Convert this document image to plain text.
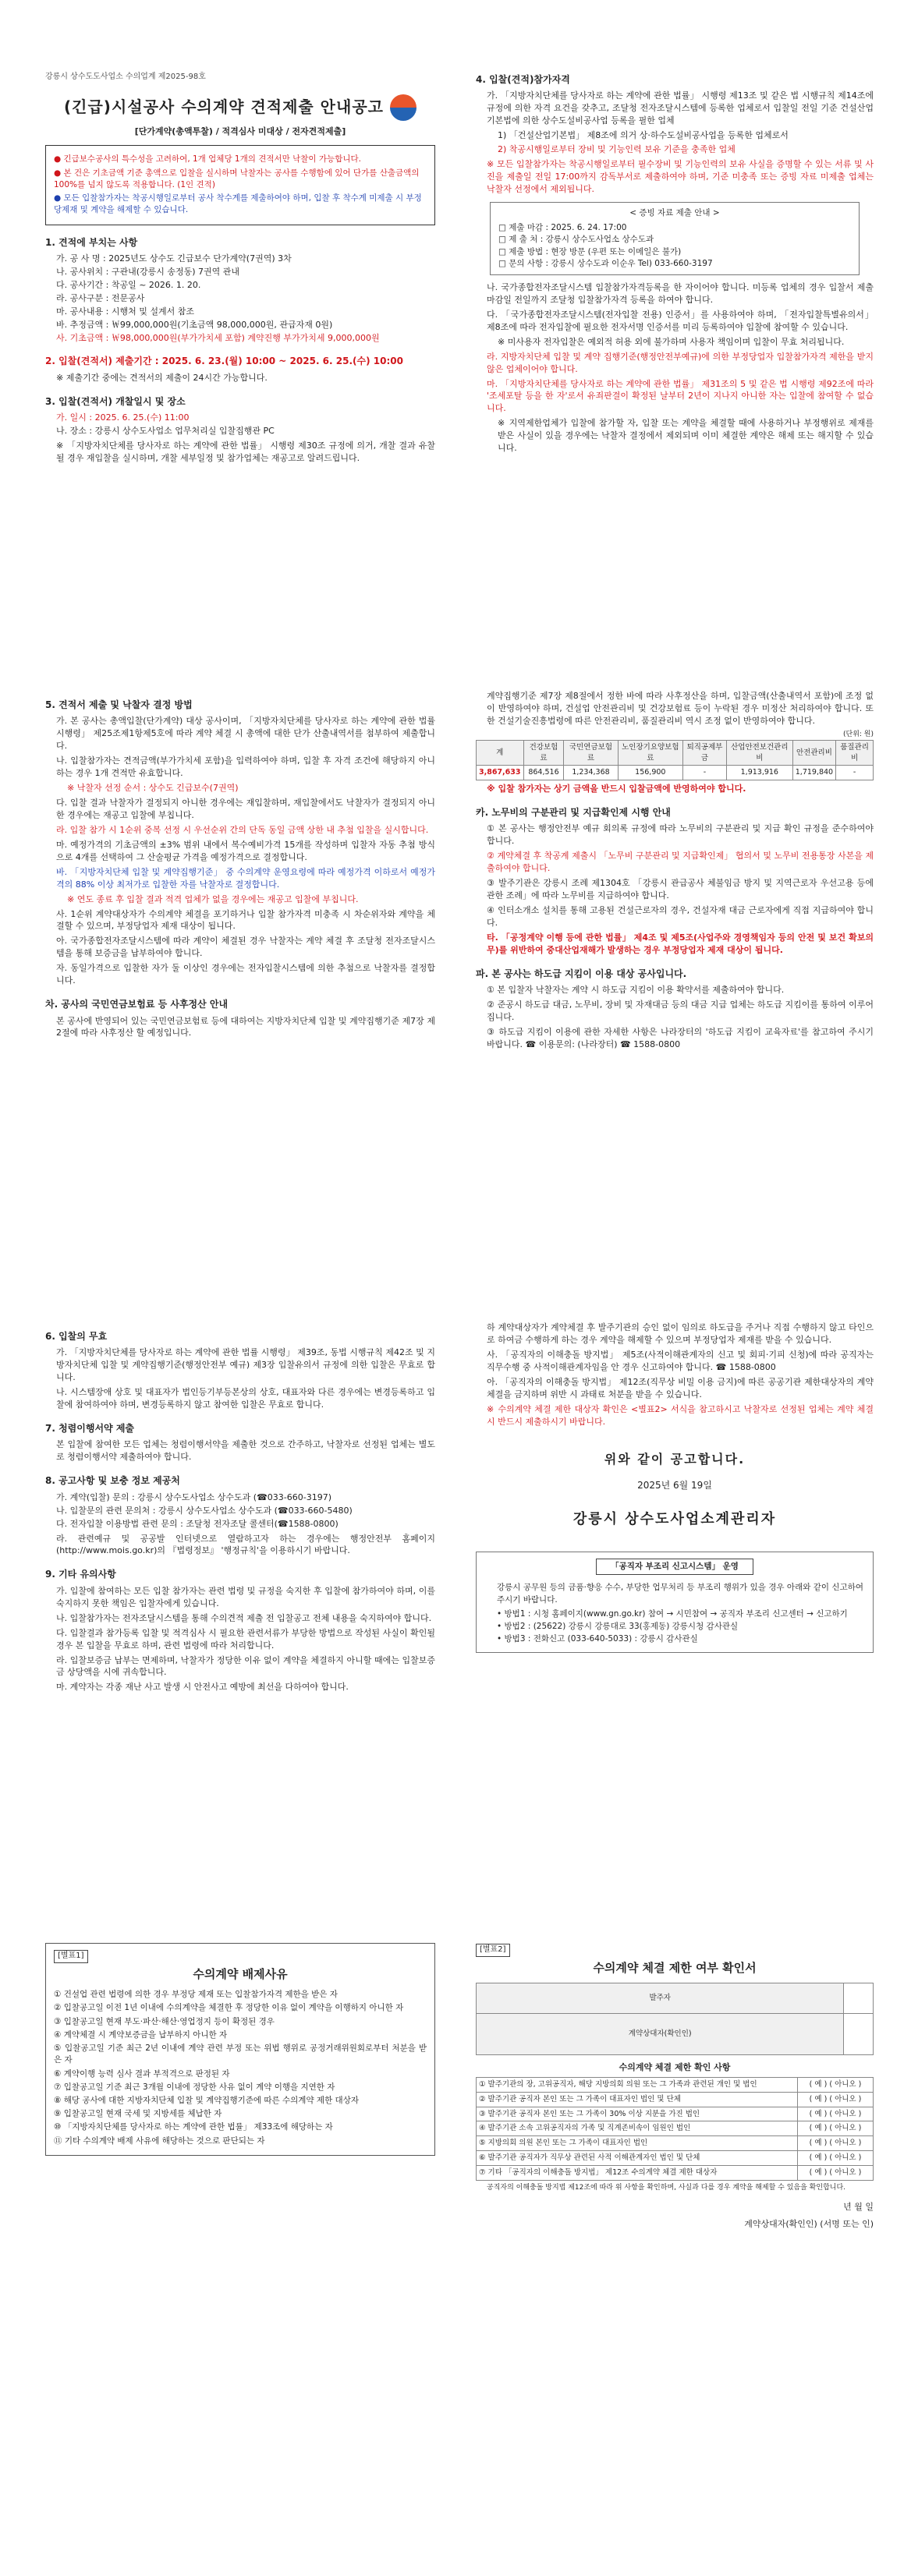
강릉시 상수도도사업소 수의업계 제2025-98호
(긴급)시설공사 수의계약 견적제출 안내공고
[단가계약(총액투찰) / 적격심사 미대상 / 전자견적제출]

● 긴급보수공사의 특수성을 고려하여, 1개 업체당 1개의 견적서만 낙찰이 가능합니다.

● 본 건은 기초금액 기준 총액으로 입찰을 실시하며 낙찰자는 공사를 수행함에 있어 단가를 산출금액의 100%를 넘지 않도록 적용합니다. (1인 견적)

● 모든 입찰참가자는 착공시행일로부터 공사 착수계를 제출하여야 하며, 입찰 후 착수계 미제출 시 부정당제재 및 계약을 해제할 수 있습니다.

1. 견적에 부치는 사항
가. 공 사 명 : 2025년도 상수도 긴급보수 단가계약(7권역) 3차
나. 공사위치 : 구관내(강릉시 송정동) 7권역 관내
다. 공사기간 : 착공일 ~ 2026. 1. 20.
라. 공사구분 : 전문공사
마. 공사내용 : 시행처 및 설계서 참조
바. 추정금액 : ￦99,000,000원(기초금액 98,000,000원, 관급자재 0원)
사. 기초금액 : ￦98,000,000원(부가가치세 포함) 계약진행 부가가치세 9,000,000원
2. 입찰(견적서) 제출기간 : 2025. 6. 23.(월) 10:00 ~ 2025. 6. 25.(수) 10:00
※ 제출기간 중에는 견적서의 제출이 24시간 가능합니다.
3. 입찰(견적서) 개찰일시 및 장소
가. 일시 : 2025. 6. 25.(수) 11:00
나. 장소 : 강릉시 상수도사업소 업무처리실 입찰집행관 PC
※ 「지방자치단체를 당사자로 하는 계약에 관한 법률」 시행령 제30조 규정에 의거, 개찰 결과 유찰될 경우 재입찰을 실시하며, 개찰 세부일정 및 참가업체는 재공고로 알려드립니다.
4. 입찰(견적)참가자격
가. 「지방자치단체를 당사자로 하는 계약에 관한 법률」 시행령 제13조 및 같은 법 시행규칙 제14조에 규정에 의한 자격 요건을 갖추고, 조달청 전자조달시스템에 등록한 업체로서 입찰일 전일 기준 건설산업기본법에 의한 상수도설비공사업 등록을 필한 업체
1) 「건설산업기본법」 제8조에 의거 상·하수도설비공사업을 등록한 업체로서
2) 착공시행일로부터 장비 및 기능인력 보유 기준을 충족한 업체
※ 모든 입찰참가자는 착공시행일로부터 필수장비 및 기능인력의 보유 사실을 증명할 수 있는 서류 및 사진을 제출일 전일 17:00까지 감독부서로 제출하여야 하며, 기준 미충족 또는 증빙 자료 미제출 업체는 낙찰자 선정에서 제외됩니다.
< 증빙 자료 제출 안내 >
□ 제출 마감 : 2025. 6. 24. 17:00
□ 제 출 처 : 강릉시 상수도사업소 상수도과
□ 제출 방법 : 현장 방문 (우편 또는 이메일은 불가)
□ 문의 사항 : 강릉시 상수도과 이순우 Tel) 033-660-3197
나. 국가종합전자조달시스템 입찰참가자격등록을 한 자이어야 합니다. 미등록 업체의 경우 입찰서 제출마감일 전일까지 조달청 입찰참가자격 등록을 하여야 합니다.
다. 「국가종합전자조달시스템(전자입찰 전용) 인증서」를 사용하여야 하며, 「전자입찰특별유의서」 제8조에 따라 전자입찰에 필요한 전자서명 인증서를 미리 등록하여야 입찰에 참여할 수 있습니다.
※ 미사용자 전자입찰은 예외적 허용 외에 불가하며 사용자 책임이며 입찰이 무효 처리됩니다.
라. 지방자치단체 입찰 및 계약 집행기준(행정안전부예규)에 의한 부정당업자 입찰참가자격 제한을 받지 않은 업체이어야 합니다.
마. 「지방자치단체를 당사자로 하는 계약에 관한 법률」 제31조의 5 및 같은 법 시행령 제92조에 따라 '조세포탈 등을 한 자'로서 유죄판결이 확정된 날부터 2년이 지나지 아니한 자는 입찰에 참여할 수 없습니다.
※ 지역제한업체가 입찰에 참가할 자, 입찰 또는 계약을 체결할 때에 사용하거나 부정행위로 제재를 받은 사실이 있을 경우에는 낙찰자 결정에서 제외되며 이미 체결한 계약은 해제 또는 해지할 수 있습니다.
5. 견적서 제출 및 낙찰자 결정 방법
가. 본 공사는 총액입찰(단가계약) 대상 공사이며, 「지방자치단체를 당사자로 하는 계약에 관한 법률 시행령」 제25조제1항제5호에 따라 계약 체결 시 총액에 대한 단가 산출내역서를 첨부하여 제출합니다.
나. 입찰참가자는 견적금액(부가가치세 포함)을 입력하여야 하며, 입찰 후 자격 조건에 해당하지 아니하는 경우 1개 견적만 유효합니다.
※ 낙찰자 선정 순서 : 상수도 긴급보수(7권역)
다. 입찰 결과 낙찰자가 결정되지 아니한 경우에는 재입찰하며, 재입찰에서도 낙찰자가 결정되지 아니한 경우에는 재공고 입찰에 부칩니다.
라. 입찰 참가 시 1순위 중복 선정 시 우선순위 간의 단독 동일 금액 상한 내 추첨 입찰을 실시합니다.
마. 예정가격의 기초금액의 ±3% 범위 내에서 복수예비가격 15개를 작성하며 입찰자 자동 추첨 방식으로 4개를 선택하여 그 산술평균 가격을 예정가격으로 결정합니다.
바. 「지방자치단체 입찰 및 계약집행기준」 중 수의계약 운영요령에 따라 예정가격 이하로서 예정가격의 88% 이상 최저가로 입찰한 자를 낙찰자로 결정합니다.
※ 연도 종료 후 입찰 결과 적격 업체가 없을 경우에는 재공고 입찰에 부칩니다.
사. 1순위 계약대상자가 수의계약 체결을 포기하거나 입찰 참가자격 미충족 시 차순위자와 계약을 체결할 수 있으며, 부정당업자 제재 대상이 됩니다.
아. 국가종합전자조달시스템에 따라 계약이 체결된 경우 낙찰자는 계약 체결 후 조달청 전자조달시스템을 통해 보증금을 납부하여야 합니다.
자. 동일가격으로 입찰한 자가 둘 이상인 경우에는 전자입찰시스템에 의한 추첨으로 낙찰자를 결정합니다.
차. 공사의 국민연금보험료 등 사후정산 안내
본 공사에 반영되어 있는 국민연금보험료 등에 대하여는 지방자치단체 입찰 및 계약집행기준 제7장 제2절에 따라 사후정산 할 예정입니다.
계약집행기준 제7장 제8절에서 정한 바에 따라 사후정산을 하며, 입찰금액(산출내역서 포함)에 조정 없이 반영하여야 하며, 건설업 안전관리비 및 건강보험료 등이 누락된 경우 미정산 처리하여야 합니다. 또한 건설기술진흥법령에 따른 안전관리비, 품질관리비 역시 조정 없이 반영하여야 합니다.
(단위: 원)
계	건강보험료	국민연금보험료	노인장기요양보험료	퇴직공제부금	산업안전보건관리비	안전관리비	품질관리비
3,867,633	864,516	1,234,368	156,900	-	1,913,916	1,719,840	-
※ 입찰 참가자는 상기 금액을 반드시 입찰금액에 반영하여야 합니다.
카. 노무비의 구분관리 및 지급확인제 시행 안내
① 본 공사는 행정안전부 예규 회의록 규정에 따라 노무비의 구분관리 및 지급 확인 규정을 준수하여야 합니다.
② 계약체결 후 착공계 제출시 「노무비 구분관리 및 지급확인제」 협의서 및 노무비 전용통장 사본을 제출하여야 합니다.
③ 발주기관은 강릉시 조례 제1304호 「강릉시 관급공사 체불임금 방지 및 지역근로자 우선고용 등에 관한 조례」에 따라 노무비를 지급하여야 합니다.
④ 인터소개소 설치를 통해 고용된 건설근로자의 경우, 건설자재 대금 근로자에게 직접 지급하여야 합니다.
타. 「공정계약 이행 등에 관한 법률」 제4조 및 제5조(사업주와 경영책임자 등의 안전 및 보건 확보의무)를 위반하여 중대산업재해가 발생하는 경우 부정당업자 제재 대상이 됩니다.
파. 본 공사는 하도급 지킴이 이용 대상 공사입니다.
① 본 입찰자 낙찰자는 계약 시 하도급 지킴이 이용 확약서를 제출하여야 합니다.
② 준공시 하도급 대금, 노무비, 장비 및 자재대금 등의 대금 지급 업체는 하도급 지킴이를 통하여 이루어집니다.
③ 하도급 지킴이 이용에 관한 자세한 사항은 나라장터의 '하도급 지킴이 교육자료'를 참고하여 주시기 바랍니다. ☎ 이용문의: (나라장터) ☎ 1588-0800
6. 입찰의 무효
가. 「지방자치단체를 당사자로 하는 계약에 관한 법률 시행령」 제39조, 동법 시행규칙 제42조 및 지방자치단체 입찰 및 계약집행기준(행정안전부 예규) 제3장 입찰유의서 규정에 의한 입찰은 무효로 합니다.
나. 시스템장애 상호 및 대표자가 법인등기부등본상의 상호, 대표자와 다른 경우에는 변경등록하고 입찰에 참여하여야 하며, 변경등록하지 않고 참여한 입찰은 무효로 합니다.
7. 청렴이행서약 제출
본 입찰에 참여한 모든 업체는 청렴이행서약을 제출한 것으로 간주하고, 낙찰자로 선정된 업체는 별도로 청렴이행서약 제출하여야 합니다.
8. 공고사항 및 보충 정보 제공처
가. 계약(입찰) 문의 : 강릉시 상수도사업소 상수도과 (☎033-660-3197)
나. 입찰문의 관련 문의처 : 강릉시 상수도사업소 상수도과 (☎033-660-5480)
다. 전자입찰 이용방법 관련 문의 : 조달청 전자조달 콜센터(☎1588-0800)
라. 관련예규 및 공공발 인터넷으로 열람하고자 하는 경우에는 행정안전부 홈페이지 (http://www.mois.go.kr)의 『법령정보』 '행정규칙'을 이용하시기 바랍니다.
9. 기타 유의사항
가. 입찰에 참여하는 모든 입찰 참가자는 관련 법령 및 규정을 숙지한 후 입찰에 참가하여야 하며, 이를 숙지하지 못한 책임은 입찰자에게 있습니다.
나. 입찰참가자는 전자조달시스템을 통해 수의견적 제출 전 입찰공고 전체 내용을 숙지하여야 합니다.
다. 입찰결과 참가등록 입찰 및 적격심사 시 필요한 관련서류가 부당한 방법으로 작성된 사실이 확인될 경우 본 입찰을 무효로 하며, 관련 법령에 따라 처리합니다.
라. 입찰보증금 납부는 면제하며, 낙찰자가 정당한 이유 없이 계약을 체결하지 아니할 때에는 입찰보증금 상당액을 시에 귀속합니다.
마. 계약자는 각종 재난 사고 발생 시 안전사고 예방에 최선을 다하여야 합니다.
하 계약대상자가 계약체결 후 발주기관의 승인 없이 임의로 하도급을 주거나 직접 수행하지 않고 타인으로 하여금 수행하게 하는 경우 계약을 해제할 수 있으며 부정당업자 제재를 받을 수 있습니다.
사. 「공직자의 이해충돌 방지법」 제5조(사적이해관계자의 신고 및 회피·기피 신청)에 따라 공직자는 직무수행 중 사적이해관계자임을 안 경우 신고하여야 합니다. ☎ 1588-0800
아. 「공직자의 이해충돌 방지법」 제12조(직무상 비밀 이용 금지)에 따른 공공기관 제한대상자의 계약 체결을 금지하며 위반 시 과태료 처분을 받을 수 있습니다.
※ 수의계약 체결 제한 대상자 확인은 <별표2> 서식을 참고하시고 낙찰자로 선정된 업체는 계약 체결 시 반드시 제출하시기 바랍니다.
위와 같이 공고합니다.
2025년 6월 19일
강릉시 상수도사업소계관리자
「공직자 부조리 신고시스템」 운영
강릉시 공무원 등의 금품·향응 수수, 부당한 업무처리 등 부조리 행위가 있을 경우 아래와 같이 신고하여 주시기 바랍니다.
• 방법1 : 시청 홈페이지(www.gn.go.kr) 참여 → 시민참여 → 공직자 부조리 신고센터 → 신고하기
• 방법2 : (25622) 강릉시 강릉대로 33(홍제동) 강릉시청 감사관실
• 방법3 : 전화신고 (033-640-5033) : 강릉시 감사관실
[별표1]
수의계약 배제사유
① 건설업 관련 법령에 의한 경우 부정당 제재 또는 입찰참가자격 제한을 받은 자
② 입찰공고일 이전 1년 이내에 수의계약을 체결한 후 정당한 이유 없이 계약을 이행하지 아니한 자
③ 입찰공고일 현재 부도·파산·해산·영업정지 등이 확정된 경우
④ 계약체결 시 계약보증금을 납부하지 아니한 자
⑤ 입찰공고일 기준 최근 2년 이내에 계약 관련 부정 또는 위법 행위로 공정거래위원회로부터 처분을 받은 자
⑥ 계약이행 능력 심사 결과 부적격으로 판정된 자
⑦ 입찰공고일 기준 최근 3개월 이내에 정당한 사유 없이 계약 이행을 지연한 자
⑧ 해당 공사에 대한 지방자치단체 입찰 및 계약집행기준에 따른 수의계약 제한 대상자
⑨ 입찰공고일 현재 국세 및 지방세를 체납한 자
⑩ 「지방자치단체를 당사자로 하는 계약에 관한 법률」 제33조에 해당하는 자
⑪ 기타 수의계약 배제 사유에 해당하는 것으로 판단되는 자
[별표2]
수의계약 체결 제한 여부 확인서
발주자	
계약상대자(확인인)	
수의계약 체결 제한 확인 사항
① 발주기관의 장, 고위공직자, 해당 지방의회 의원 또는 그 가족과 관련된 개인 및 법인	( 예 ) ( 아니오 )
② 발주기관 공직자 본인 또는 그 가족이 대표자인 법인 및 단체	( 예 ) ( 아니오 )
③ 발주기관 공직자 본인 또는 그 가족이 30% 이상 지분을 가진 법인	( 예 ) ( 아니오 )
④ 발주기관 소속 고위공직자의 가족 및 직계존비속이 임원인 법인	( 예 ) ( 아니오 )
⑤ 지방의회 의원 본인 또는 그 가족이 대표자인 법인	( 예 ) ( 아니오 )
⑥ 발주기관 공직자가 직무상 관련된 사적 이해관계자인 법인 및 단체	( 예 ) ( 아니오 )
⑦ 기타 「공직자의 이해충돌 방지법」 제12조 수의계약 체결 제한 대상자	( 예 ) ( 아니오 )
공직자의 이해충돌 방지법 제12조에 따라 위 사항을 확인하며, 사실과 다를 경우 계약을 해제할 수 있음을 확인합니다.
년 월 일
계약상대자(확인인) (서명 또는 인)
